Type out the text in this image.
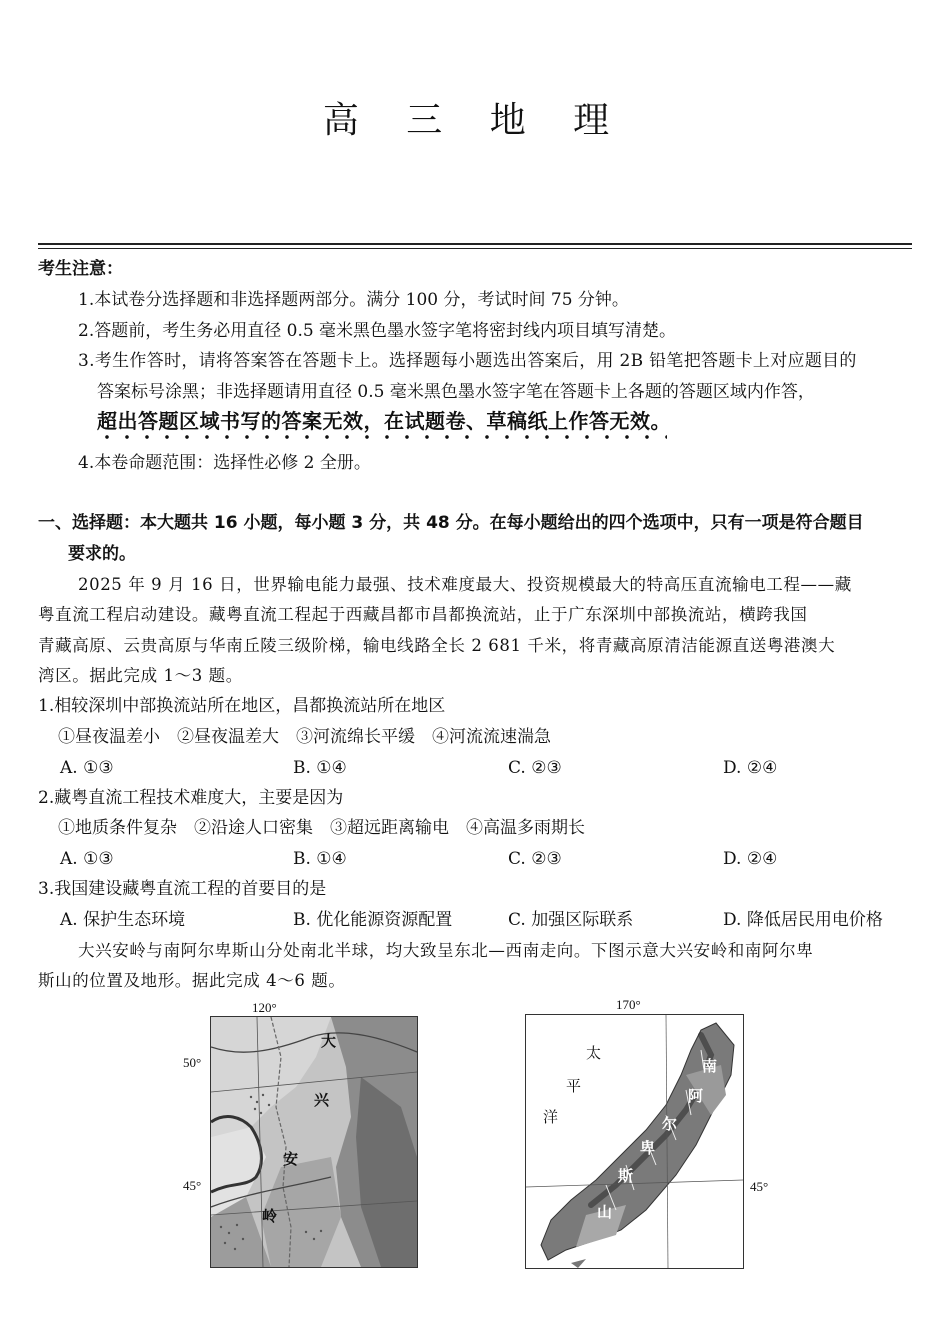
高 三 地 理
考生注意：
1.本试卷分选择题和非选择题两部分。满分 100 分，考试时间 75 分钟。
2.答题前，考生务必用直径 0.5 毫米黑色墨水签字笔将密封线内项目填写清楚。
3.考生作答时，请将答案答在答题卡上。选择题每小题选出答案后，用 2B 铅笔把答题卡上对应题目的
答案标号涂黑；非选择题请用直径 0.5 毫米黑色墨水签字笔在答题卡上各题的答题区域内作答，
超出答题区域书写的答案无效，在试题卷、草稿纸上作答无效。
4.本卷命题范围：选择性必修 2 全册。
一、选择题：本大题共 16 小题，每小题 3 分，共 48 分。在每小题给出的四个选项中，只有一项是符合题目
要求的。
2025 年 9 月 16 日，世界输电能力最强、技术难度最大、投资规模最大的特高压直流输电工程——藏
粤直流工程启动建设。藏粤直流工程起于西藏昌都市昌都换流站，止于广东深圳中部换流站，横跨我国
青藏高原、云贵高原与华南丘陵三级阶梯，输电线路全长 2 681 千米，将青藏高原清洁能源直送粤港澳大
湾区。据此完成 1～3 题。
1.相较深圳中部换流站所在地区，昌都换流站所在地区
①昼夜温差小　②昼夜温差大　③河流绵长平缓　④河流流速湍急
A. ①③	B. ①④	C. ②③	D. ②④
2.藏粤直流工程技术难度大，主要是因为
①地质条件复杂　②沿途人口密集　③超远距离输电　④高温多雨期长
A. ①③	B. ①④	C. ②③	D. ②④
3.我国建设藏粤直流工程的首要目的是
A. 保护生态环境	B. 优化能源资源配置	C. 加强区际联系	D. 降低居民用电价格
大兴安岭与南阿尔卑斯山分处南北半球，均大致呈东北—西南走向。下图示意大兴安岭和南阿尔卑
斯山的位置及地形。据此完成 4～6 题。
120°
50°
45°
大
兴
安
岭
170°
45°
太
平
洋
南
阿
尔
卑
斯
山
